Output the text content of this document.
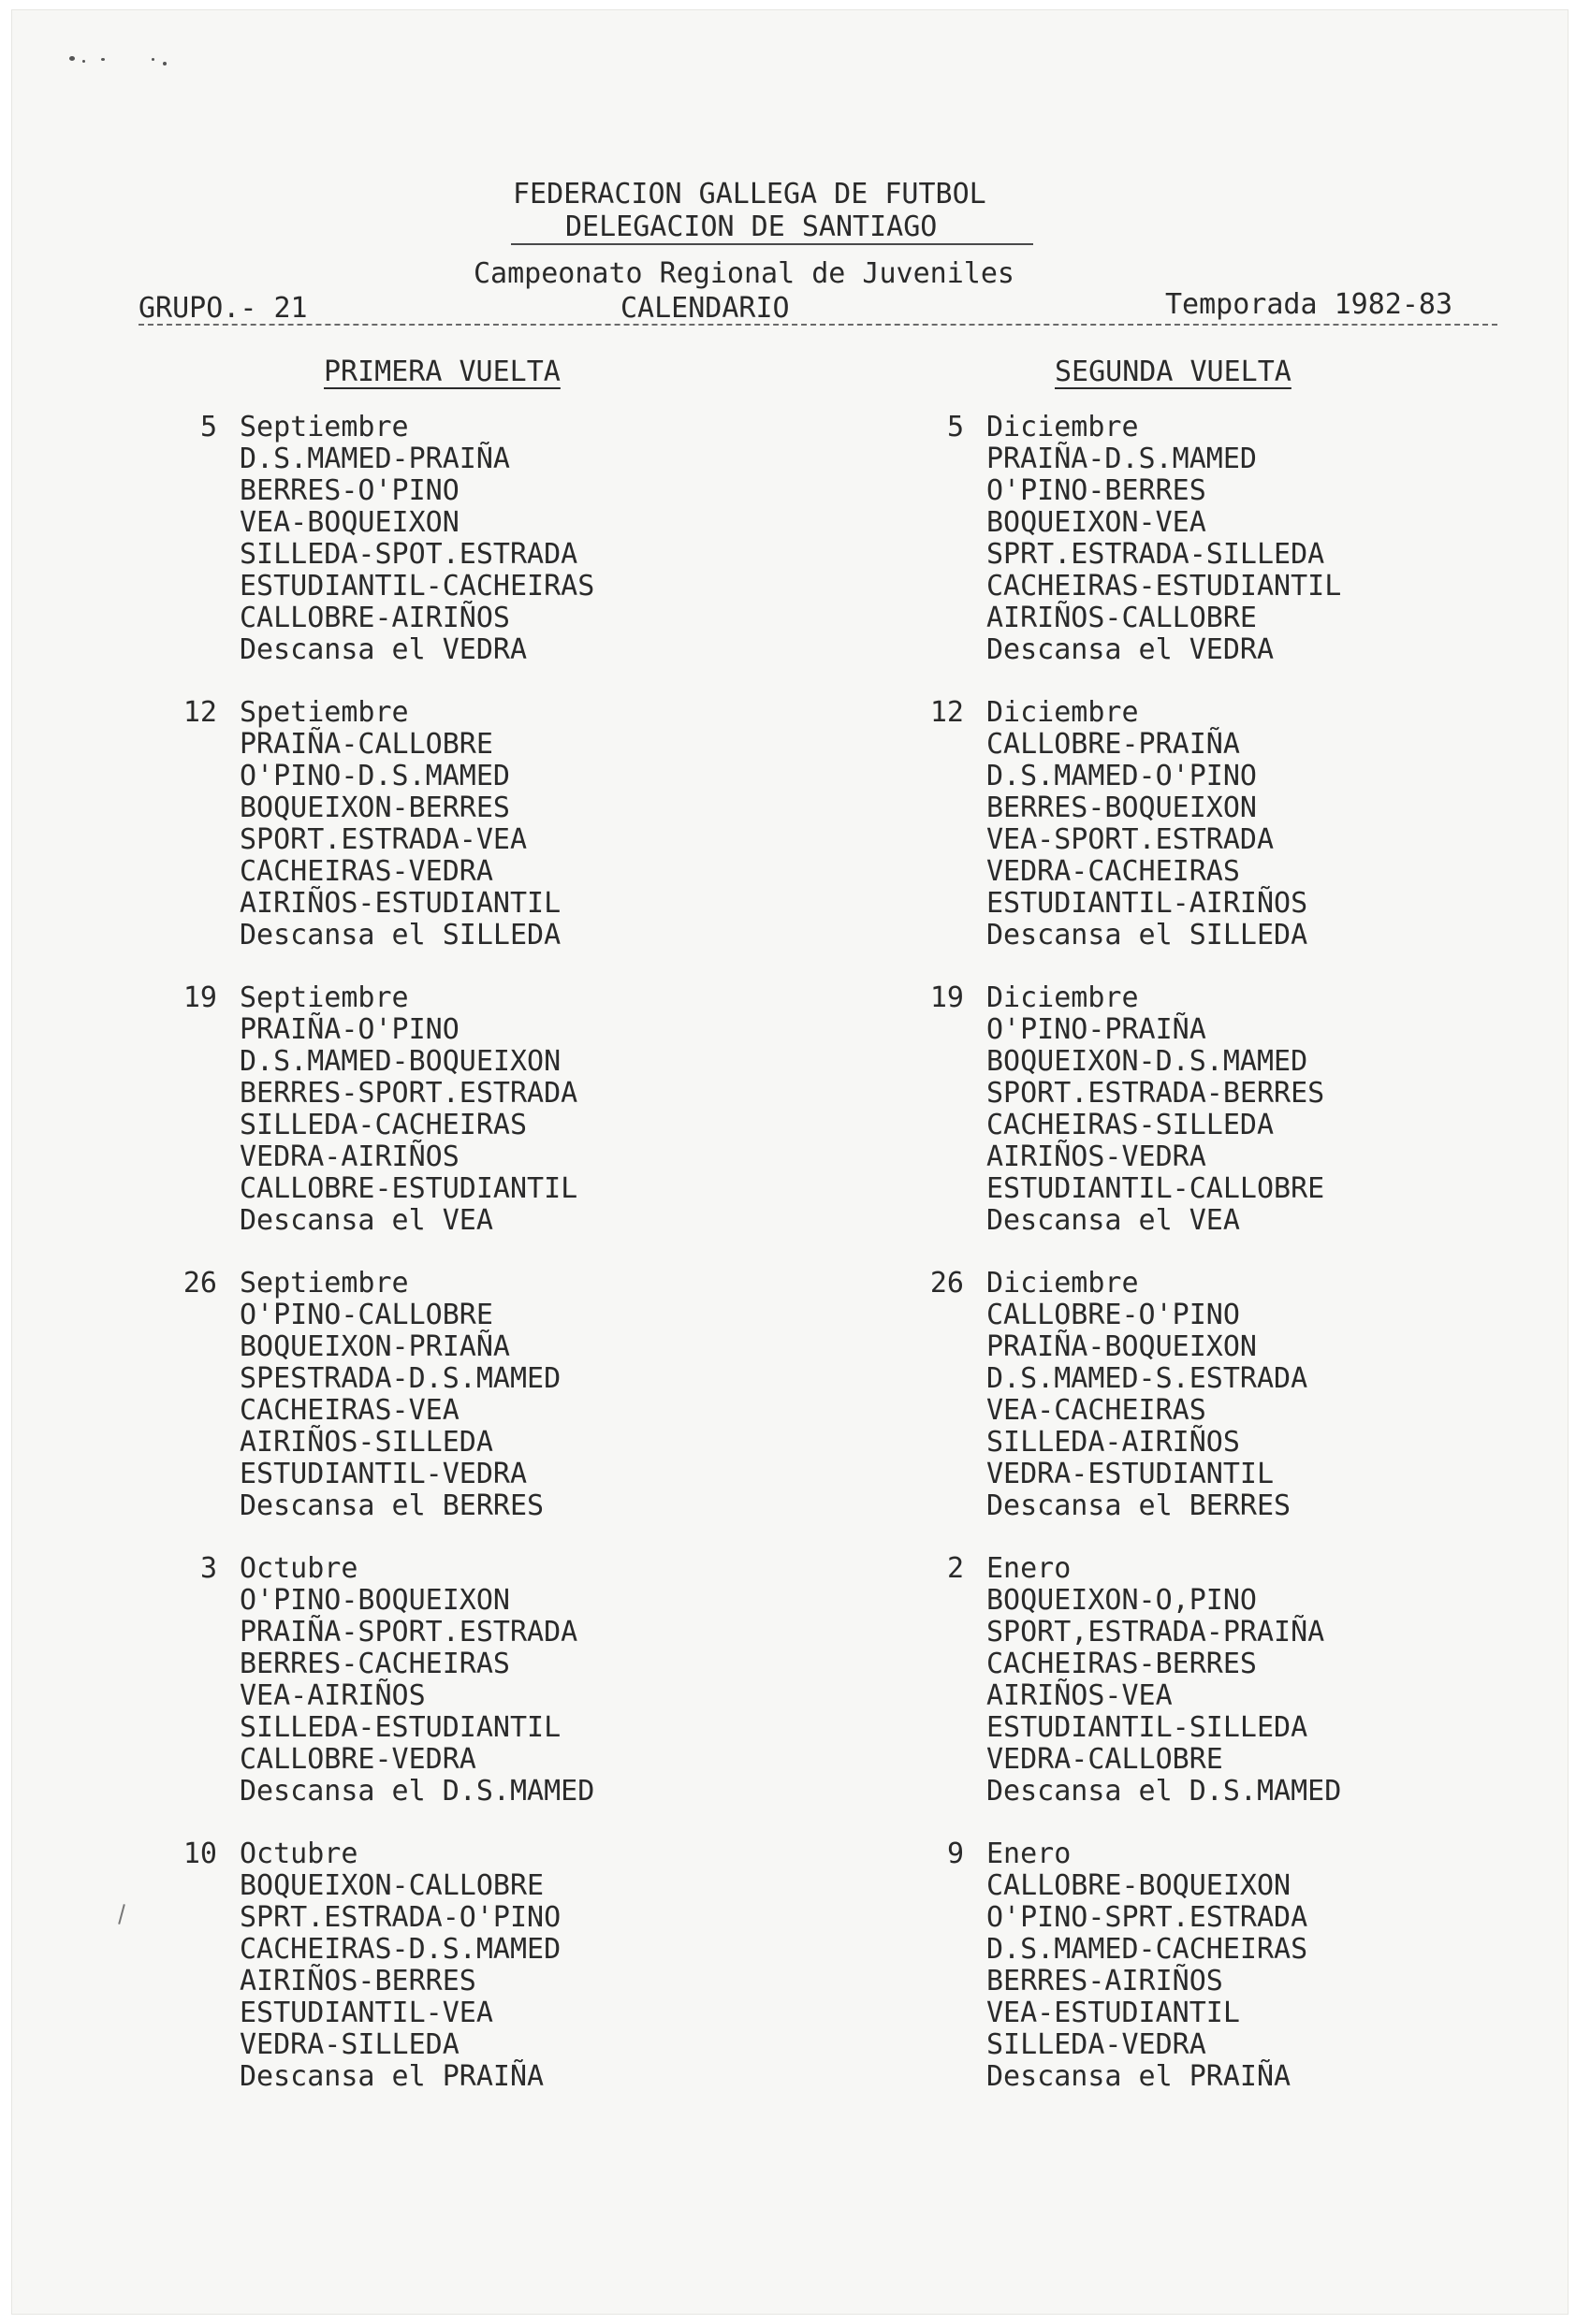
FEDERACION GALLEGA DE FUTBOL
DELEGACION DE SANTIAGO
Campeonato Regional de Juveniles
GRUPO.- 21	CALENDARIO	Temporada 1982-83
PRIMERA VUELTA	SEGUNDA VUELTA
5 Septiembre
D.S.MAMED-PRAIÑA
BERRES-O'PINO
VEA-BOQUEIXON
SILLEDA-SPOT.ESTRADA
ESTUDIANTIL-CACHEIRAS
CALLOBRE-AIRIÑOS
Descansa el VEDRA
12 Spetiembre
PRAIÑA-CALLOBRE
O'PINO-D.S.MAMED
BOQUEIXON-BERRES
SPORT.ESTRADA-VEA
CACHEIRAS-VEDRA
AIRIÑOS-ESTUDIANTIL
Descansa el SILLEDA
19 Septiembre
PRAIÑA-O'PINO
D.S.MAMED-BOQUEIXON
BERRES-SPORT.ESTRADA
SILLEDA-CACHEIRAS
VEDRA-AIRIÑOS
CALLOBRE-ESTUDIANTIL
Descansa el VEA
26 Septiembre
O'PINO-CALLOBRE
BOQUEIXON-PRIAÑA
SPESTRADA-D.S.MAMED
CACHEIRAS-VEA
AIRIÑOS-SILLEDA
ESTUDIANTIL-VEDRA
Descansa el BERRES
3 Octubre
O'PINO-BOQUEIXON
PRAIÑA-SPORT.ESTRADA
BERRES-CACHEIRAS
VEA-AIRIÑOS
SILLEDA-ESTUDIANTIL
CALLOBRE-VEDRA
Descansa el D.S.MAMED
10 Octubre
BOQUEIXON-CALLOBRE
SPRT.ESTRADA-O'PINO
CACHEIRAS-D.S.MAMED
AIRIÑOS-BERRES
ESTUDIANTIL-VEA
VEDRA-SILLEDA
Descansa el PRAIÑA
5 Diciembre
PRAIÑA-D.S.MAMED
O'PINO-BERRES
BOQUEIXON-VEA
SPRT.ESTRADA-SILLEDA
CACHEIRAS-ESTUDIANTIL
AIRIÑOS-CALLOBRE
Descansa el VEDRA
12 Diciembre
CALLOBRE-PRAIÑA
D.S.MAMED-O'PINO
BERRES-BOQUEIXON
VEA-SPORT.ESTRADA
VEDRA-CACHEIRAS
ESTUDIANTIL-AIRIÑOS
Descansa el SILLEDA
19 Diciembre
O'PINO-PRAIÑA
BOQUEIXON-D.S.MAMED
SPORT.ESTRADA-BERRES
CACHEIRAS-SILLEDA
AIRIÑOS-VEDRA
ESTUDIANTIL-CALLOBRE
Descansa el VEA
26 Diciembre
CALLOBRE-O'PINO
PRAIÑA-BOQUEIXON
D.S.MAMED-S.ESTRADA
VEA-CACHEIRAS
SILLEDA-AIRIÑOS
VEDRA-ESTUDIANTIL
Descansa el BERRES
2 Enero
BOQUEIXON-O,PINO
SPORT,ESTRADA-PRAIÑA
CACHEIRAS-BERRES
AIRIÑOS-VEA
ESTUDIANTIL-SILLEDA
VEDRA-CALLOBRE
Descansa el D.S.MAMED
9 Enero
CALLOBRE-BOQUEIXON
O'PINO-SPRT.ESTRADA
D.S.MAMED-CACHEIRAS
BERRES-AIRIÑOS
VEA-ESTUDIANTIL
SILLEDA-VEDRA
Descansa el PRAIÑA
